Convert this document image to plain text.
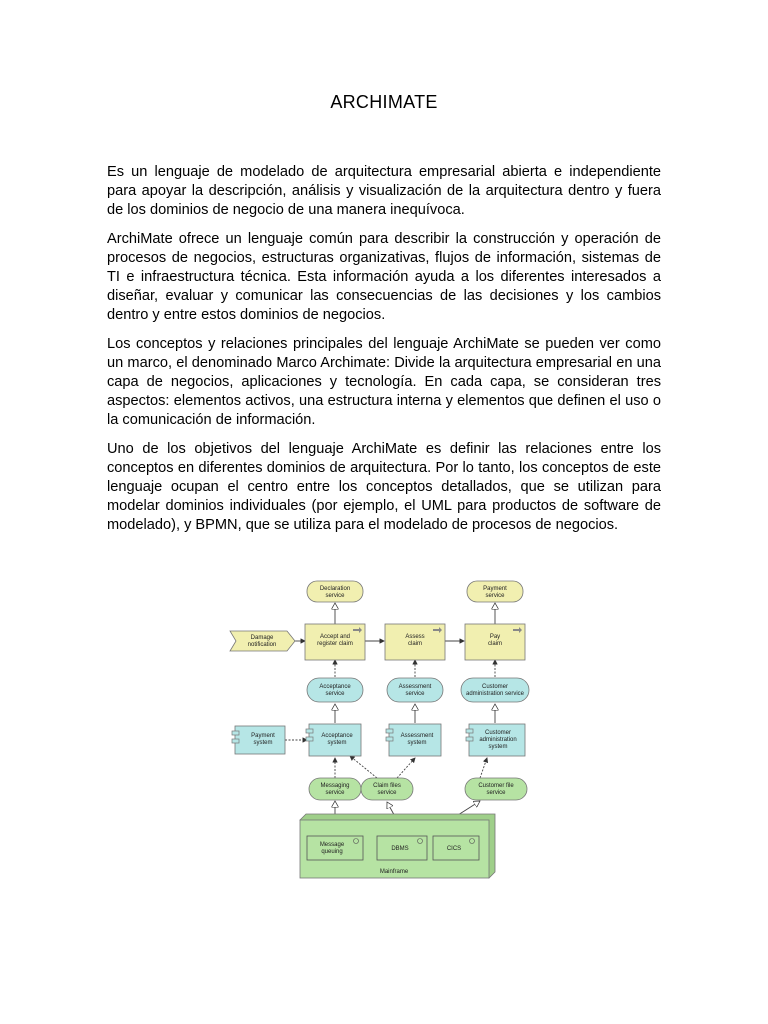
ARCHIMATE

Es un lenguaje de modelado de arquitectura empresarial abierta e independiente para apoyar la descripción, análisis y visualización de la arquitectura dentro y fuera de los dominios de negocio de una manera inequívoca.

ArchiMate ofrece un lenguaje común para describir la construcción y operación de procesos de negocios, estructuras organizativas, flujos de información, sistemas de TI e infraestructura técnica. Esta información ayuda a los diferentes interesados a diseñar, evaluar y comunicar las consecuencias de las decisiones y los cambios dentro y entre estos dominios de negocios.

Los conceptos y relaciones principales del lenguaje ArchiMate se pueden ver como un marco, el denominado Marco Archimate: Divide la arquitectura empresarial en una capa de negocios, aplicaciones y tecnología. En cada capa, se consideran tres aspectos: elementos activos, una estructura interna y elementos que definen el uso o la comunicación de información.

Uno de los objetivos del lenguaje ArchiMate es definir las relaciones entre los conceptos en diferentes dominios de arquitectura. Por lo tanto, los conceptos de este lenguaje ocupan el centro entre los conceptos detallados, que se utilizan para modelar dominios individuales (por ejemplo, el UML para productos de software de modelado), y BPMN, que se utiliza para el modelado de procesos de negocios.

Declaration
service
Payment
service
Damage
notification
Accept and
register claim
Assess
claim
Pay
claim
Acceptance
service
Assessment
service
Customer
administration service
Payment
system
Acceptance
system
Assessment
system
Customer
administration
system
Messaging
service
Claim files
service
Customer file
service
Mainframe
Message
queuing	DBMS	CICS
